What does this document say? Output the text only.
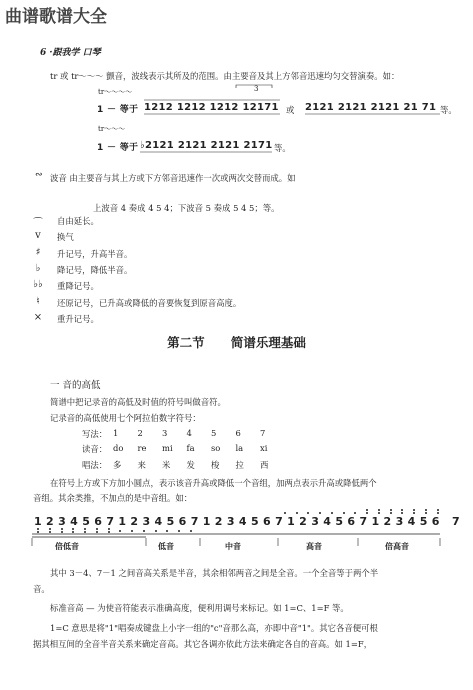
曲谱歌谱大全
6 ·跟我学 口琴
tr 或 tr～～～ 颤音，波线表示其所及的范围。由主要音及其上方邻音迅速均匀交替演奏。如：
tr～～～～	3
1 － 等于 1212 1212 1212 12171 或 2121 2121 2121 21 71 等。
tr～～～
1 － 等于 ♭2121 2121 2121 2171 等。
∾ 波音 由主要音与其上方或下方邻音迅速作一次或两次交替而成。如
上波音 4 奏成 4 5 4；下波音 5 奏成 5 4 5；等。
⌒ 自由延长。
v	换气
♯	升记号，升高半音。
♭	降记号，降低半音。
♭♭ 重降记号。
♮	还原记号，已升高或降低的音要恢复到原音高度。
×	重升记号。
第二节 简谱乐理基础
一 音的高低
简谱中把记录音的高低及时值的符号叫做音符。
记录音的高低使用七个阿拉伯数字符号：
写法： 1 2 3 4 5 6 7
读音： do re mi fa so la xi
唱法： 多 来 米 发 梭 拉 西
在符号上方或下方加小圆点，表示该音升高或降低一个音组，加两点表示升高或降低两个
音组。其余类推，不加点的是中音组。如：
1234567123456712345671234567123456 7
倍低音	低音	中音	高音	倍高音
其中 3－4、7－1 之间音高关系是半音，其余相邻两音之间是全音。一个全音等于两个半
音。
标准音高 — 为使音符能表示准确高度，便利用调号来标记。如 1=C、1=F 等。
1=C 意思是将"1"唱奏成键盘上小字一组的"c"音那么高，亦即中音"1"。其它各音便可根
据其相互间的全音半音关系来确定音高。其它各调亦依此方法来确定各自的音高。如 1=F，
